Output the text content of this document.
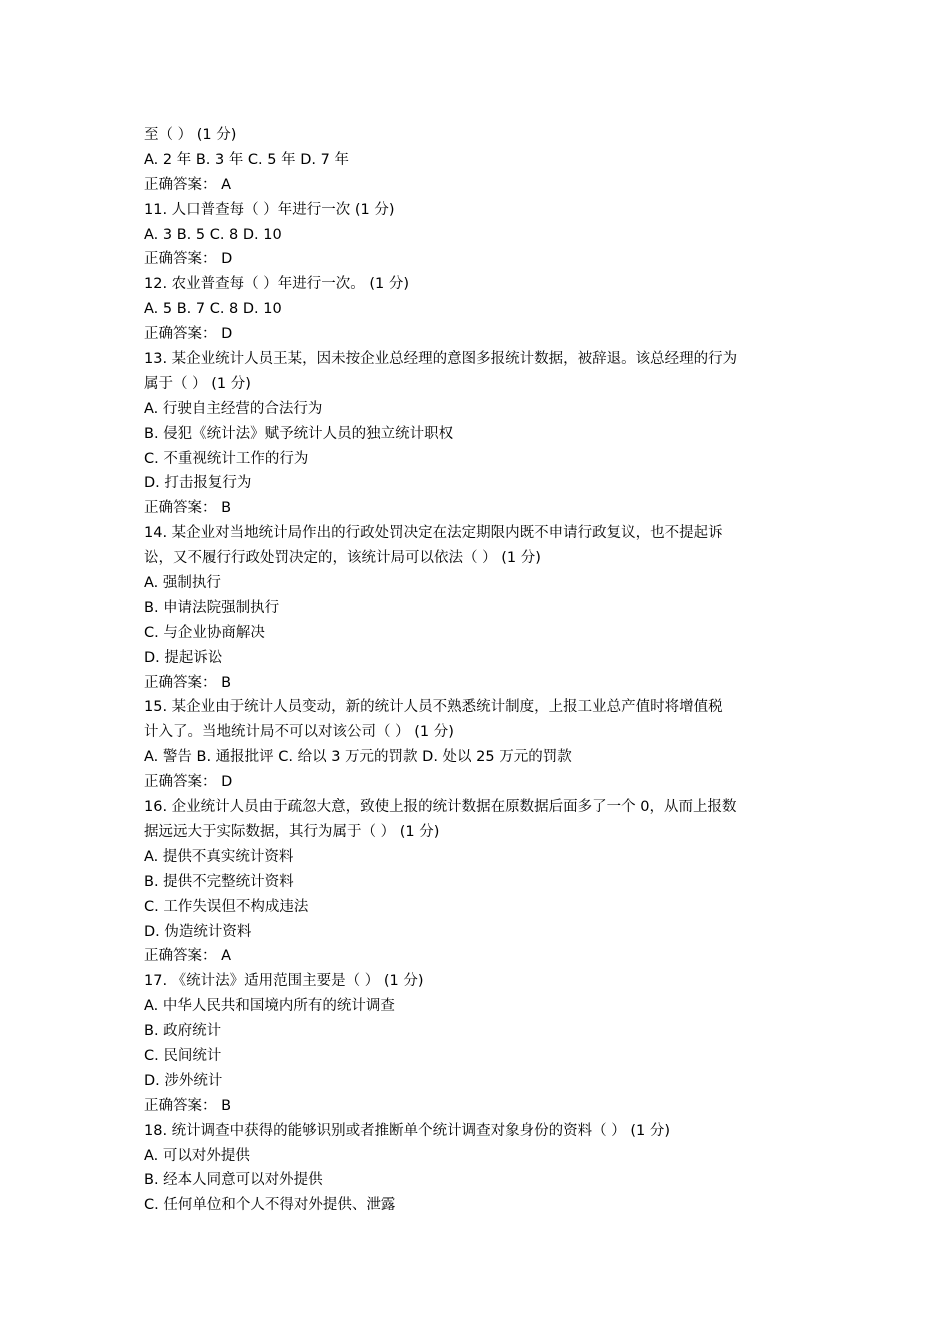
至（ ） (1 分)
A. 2 年 B. 3 年 C. 5 年 D. 7 年
正确答案： A
11. 人口普查每（ ）年进行一次 (1 分)
A. 3 B. 5 C. 8 D. 10
正确答案： D
12. 农业普查每（ ）年进行一次。 (1 分)
A. 5 B. 7 C. 8 D. 10
正确答案： D
13. 某企业统计人员王某，因未按企业总经理的意图多报统计数据，被辞退。该总经理的行为
属于（ ） (1 分)
A. 行驶自主经营的合法行为
B. 侵犯《统计法》赋予统计人员的独立统计职权
C. 不重视统计工作的行为
D. 打击报复行为
正确答案： B
14. 某企业对当地统计局作出的行政处罚决定在法定期限内既不申请行政复议，也不提起诉
讼，又不履行行政处罚决定的，该统计局可以依法（ ） (1 分)
A. 强制执行
B. 申请法院强制执行
C. 与企业协商解决
D. 提起诉讼
正确答案： B
15. 某企业由于统计人员变动，新的统计人员不熟悉统计制度，上报工业总产值时将增值税
计入了。当地统计局不可以对该公司（ ） (1 分)
A. 警告 B. 通报批评 C. 给以 3 万元的罚款 D. 处以 25 万元的罚款
正确答案： D
16. 企业统计人员由于疏忽大意，致使上报的统计数据在原数据后面多了一个 0，从而上报数
据远远大于实际数据，其行为属于（ ） (1 分)
A. 提供不真实统计资料
B. 提供不完整统计资料
C. 工作失误但不构成违法
D. 伪造统计资料
正确答案： A
17. 《统计法》适用范围主要是（ ） (1 分)
A. 中华人民共和国境内所有的统计调查
B. 政府统计
C. 民间统计
D. 涉外统计
正确答案： B
18. 统计调查中获得的能够识别或者推断单个统计调查对象身份的资料（ ） (1 分)
A. 可以对外提供
B. 经本人同意可以对外提供
C. 任何单位和个人不得对外提供、泄露
